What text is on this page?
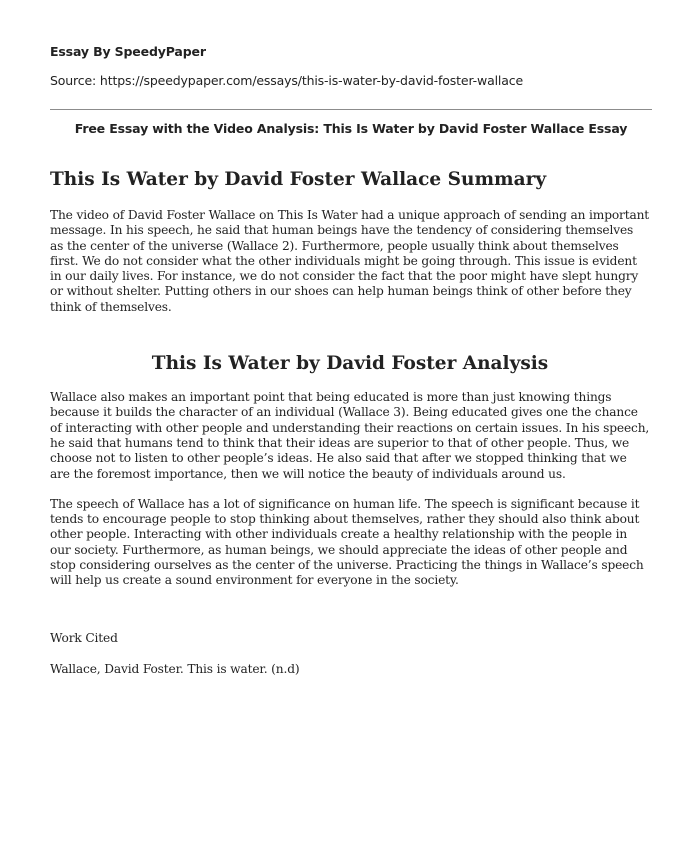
Essay By SpeedyPaper

Source: https://speedypaper.com/essays/this-is-water-by-david-foster-wallace

Free Essay with the Video Analysis: This Is Water by David Foster Wallace Essay

This Is Water by David Foster Wallace Summary

The video of David Foster Wallace on This Is Water had a unique approach of sending an important message. In his speech, he said that human beings have the tendency of considering themselves as the center of the universe (Wallace 2). Furthermore, people usually think about themselves first. We do not consider what the other individuals might be going through. This issue is evident in our daily lives. For instance, we do not consider the fact that the poor might have slept hungry or without shelter. Putting others in our shoes can help human beings think of other before they think of themselves.

This Is Water by David Foster Analysis

Wallace also makes an important point that being educated is more than just knowing things because it builds the character of an individual (Wallace 3). Being educated gives one the chance of interacting with other people and understanding their reactions on certain issues. In his speech, he said that humans tend to think that their ideas are superior to that of other people. Thus, we choose not to listen to other people’s ideas. He also said that after we stopped thinking that we are the foremost importance, then we will notice the beauty of individuals around us.

The speech of Wallace has a lot of significance on human life. The speech is significant because it tends to encourage people to stop thinking about themselves, rather they should also think about other people. Interacting with other individuals create a healthy relationship with the people in our society. Furthermore, as human beings, we should appreciate the ideas of other people and stop considering ourselves as the center of the universe. Practicing the things in Wallace’s speech will help us create a sound environment for everyone in the society.

Work Cited

Wallace, David Foster. This is water. (n.d)
